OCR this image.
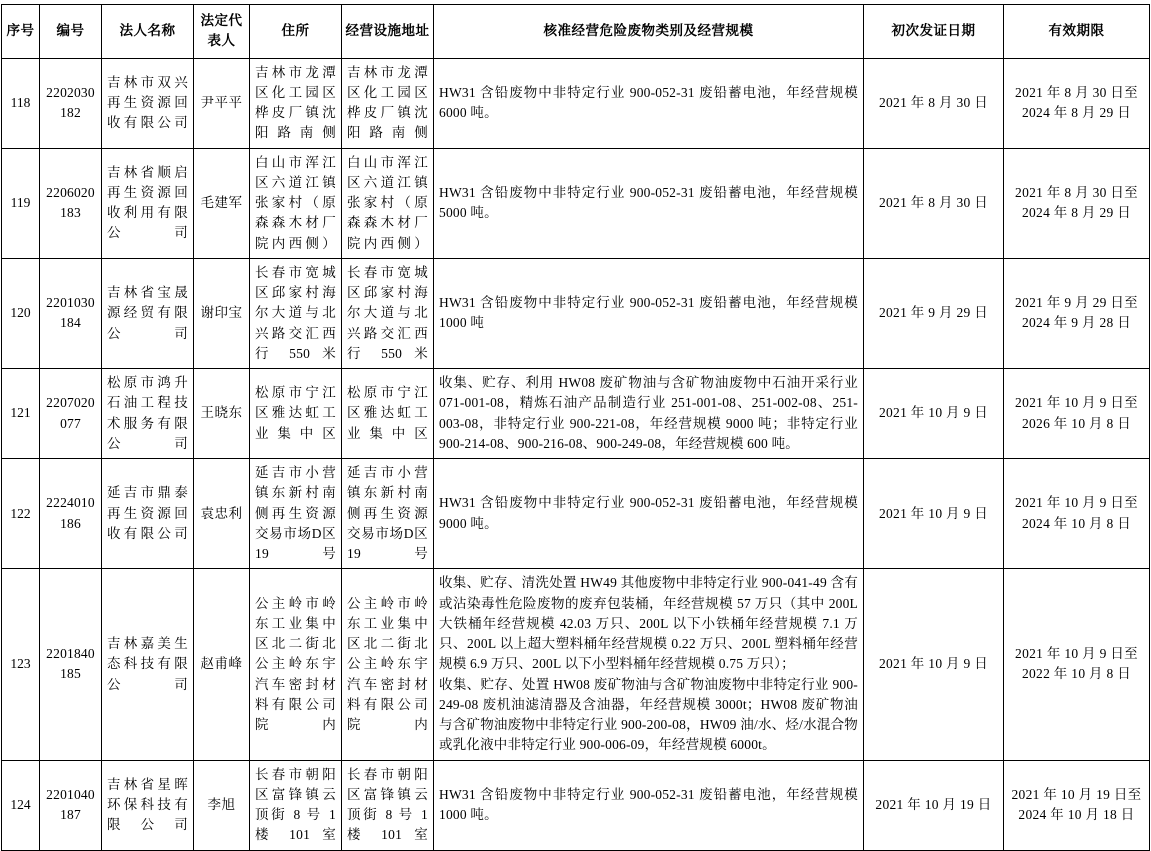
序号	编号	法人名称	法定代表人	住所	经营设施地址	核准经营危险废物类别及经营规模	初次发证日期	有效期限
118	2202030182	吉林市双兴再生资源回收有限公司	尹平平	吉林市龙潭区化工园区桦皮厂镇沈阳路南侧	吉林市龙潭区化工园区桦皮厂镇沈阳路南侧	HW31 含铅废物中非特定行业 900-052-31 废铅蓄电池，年经营规模 6000 吨。	2021 年 8 月 30 日	2021 年 8 月 30 日至 2024 年 8 月 29 日
119	2206020183	吉林省顺启再生资源回收利用有限公司	毛建军	白山市浑江区六道江镇张家村（原森森木材厂院内西侧）	白山市浑江区六道江镇张家村（原森森木材厂院内西侧）	HW31 含铅废物中非特定行业 900-052-31 废铅蓄电池，年经营规模 5000 吨。	2021 年 8 月 30 日	2021 年 8 月 30 日至 2024 年 8 月 29 日
120	2201030184	吉林省宝晟源经贸有限公司	谢印宝	长春市宽城区邱家村海尔大道与北兴路交汇西行 550 米	长春市宽城区邱家村海尔大道与北兴路交汇西行 550 米	HW31 含铅废物中非特定行业 900-052-31 废铅蓄电池，年经营规模 1000 吨	2021 年 9 月 29 日	2021 年 9 月 29 日至 2024 年 9 月 28 日
121	2207020077	松原市鸿升石油工程技术服务有限公司	王晓东	松原市宁江区雅达虹工业集中区	松原市宁江区雅达虹工业集中区	收集、贮存、利用 HW08 废矿物油与含矿物油废物中石油开采行业 071-001-08，精炼石油产品制造行业 251-001-08、251-002-08、251-003-08，非特定行业 900-221-08，年经营规模 9000 吨；非特定行业 900-214-08、900-216-08、900-249-08，年经营规模 600 吨。	2021 年 10 月 9 日	2021 年 10 月 9 日至 2026 年 10 月 8 日
122	2224010186	延吉市鼎泰再生资源回收有限公司	袁忠利	延吉市小营镇东新村南侧再生资源交易市场D区 19 号	延吉市小营镇东新村南侧再生资源交易市场D区 19 号	HW31 含铅废物中非特定行业 900-052-31 废铅蓄电池，年经营规模 9000 吨。	2021 年 10 月 9 日	2021 年 10 月 9 日至 2024 年 10 月 8 日
123	2201840185	吉林嘉美生态科技有限公司	赵甫峰	公主岭市岭东工业集中区北二街北公主岭东宇汽车密封材料有限公司院内	公主岭市岭东工业集中区北二街北公主岭东宇汽车密封材料有限公司院内	收集、贮存、清洗处置 HW49 其他废物中非特定行业 900-041-49 含有或沾染毒性危险废物的废弃包装桶，年经营规模 57 万只（其中 200L 大铁桶年经营规模 42.03 万只、200L 以下小铁桶年经营规模 7.1 万只、200L 以上超大塑料桶年经营规模 0.22 万只、200L 塑料桶年经营规模 6.9 万只、200L 以下小型料桶年经营规模 0.75 万只）；
收集、贮存、处置 HW08 废矿物油与含矿物油废物中非特定行业 900-249-08 废机油滤清器及含油器，年经营规模 3000t；HW08 废矿物油与含矿物油废物中非特定行业 900-200-08，HW09 油/水、烃/水混合物或乳化液中非特定行业 900-006-09，年经营规模 6000t。	2021 年 10 月 9 日	2021 年 10 月 9 日至 2022 年 10 月 8 日
124	2201040187	吉林省星晖环保科技有限公司	李旭	长春市朝阳区富锋镇云顶街 8 号 1 楼 101 室	长春市朝阳区富锋镇云顶街 8 号 1 楼 101 室	HW31 含铅废物中非特定行业 900-052-31 废铅蓄电池，年经营规模 1000 吨。	2021 年 10 月 19 日	2021 年 10 月 19 日至 2024 年 10 月 18 日
